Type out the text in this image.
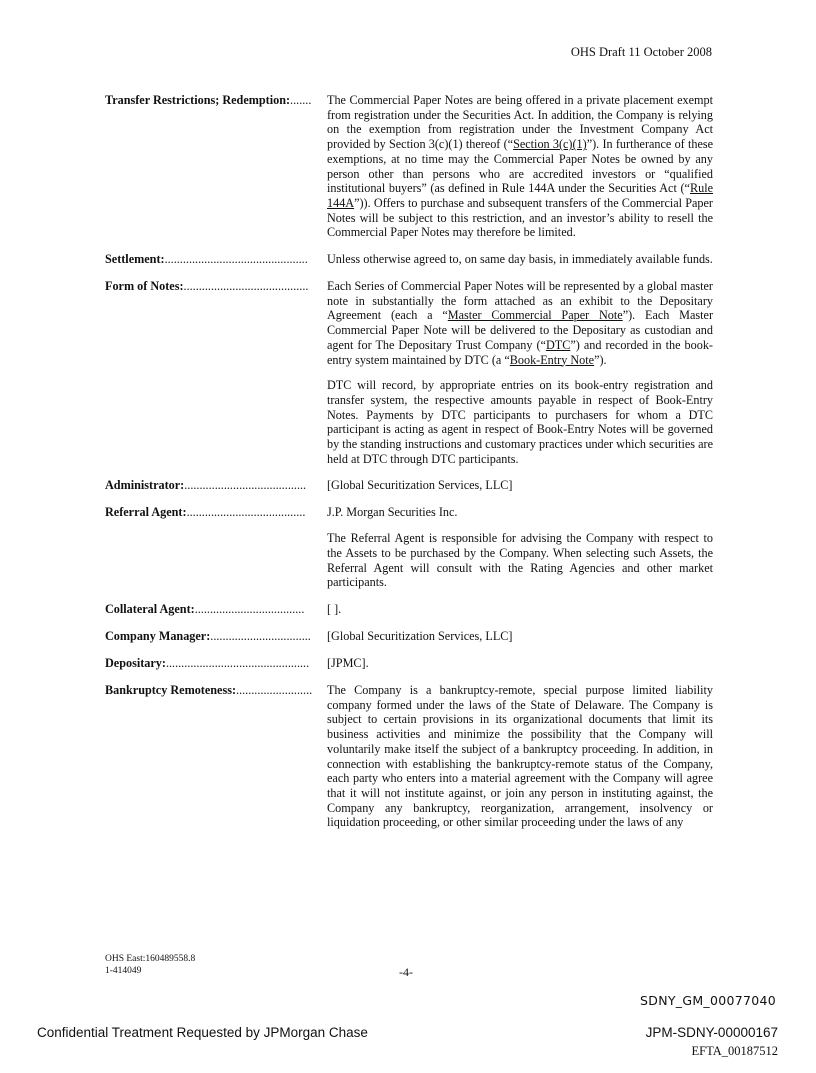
OHS Draft 11 October 2008
Transfer Restrictions; Redemption:.......	The Commercial Paper Notes are being offered in a private placement exempt from registration under the Securities Act. In addition, the Company is relying on the exemption from registration under the Investment Company Act provided by Section 3(c)(1) thereof (“Section 3(c)(1)”). In furtherance of these exemptions, at no time may the Commercial Paper Notes be owned by any person other than persons who are accredited investors or “qualified institutional buyers” (as defined in Rule 144A under the Securities Act (“Rule 144A”)). Offers to purchase and subsequent transfers of the Commercial Paper Notes will be subject to this restriction, and an investor’s ability to resell the Commercial Paper Notes may therefore be limited.

Settlement:...............................................	Unless otherwise agreed to, on same day basis, in immediately available funds.

Form of Notes:.........................................	Each Series of Commercial Paper Notes will be represented by a global master note in substantially the form attached as an exhibit to the Depositary Agreement (each a “Master Commercial Paper Note”). Each Master Commercial Paper Note will be delivered to the Depositary as custodian and agent for The Depositary Trust Company (“DTC”) and recorded in the book-entry system maintained by DTC (a “Book-Entry Note”).

DTC will record, by appropriate entries on its book-entry registration and transfer system, the respective amounts payable in respect of Book-Entry Notes. Payments by DTC participants to purchasers for whom a DTC participant is acting as agent in respect of Book-Entry Notes will be governed by the standing instructions and customary practices under which securities are held at DTC through DTC participants.

Administrator:........................................	[Global Securitization Services, LLC]

Referral Agent:.......................................	J.P. Morgan Securities Inc.

The Referral Agent is responsible for advising the Company with respect to the Assets to be purchased by the Company. When selecting such Assets, the Referral Agent will consult with the Rating Agencies and other market participants.

Collateral Agent:....................................	[ ].

Company Manager:.................................	[Global Securitization Services, LLC]

Depositary:...............................................	[JPMC].

Bankruptcy Remoteness:.........................	The Company is a bankruptcy-remote, special purpose limited liability company formed under the laws of the State of Delaware. The Company is subject to certain provisions in its organizational documents that limit its business activities and minimize the possibility that the Company will voluntarily make itself the subject of a bankruptcy proceeding. In addition, in connection with establishing the bankruptcy-remote status of the Company, each party who enters into a material agreement with the Company will agree that it will not institute against, or join any person in instituting against, the Company any bankruptcy, reorganization, arrangement, insolvency or liquidation proceeding, or other similar proceeding under the laws of any

OHS East:160489558.8
1-414049	-4-
SDNY_GM_00077040
Confidential Treatment Requested by JPMorgan Chase	JPM-SDNY-00000167
EFTA_00187512
